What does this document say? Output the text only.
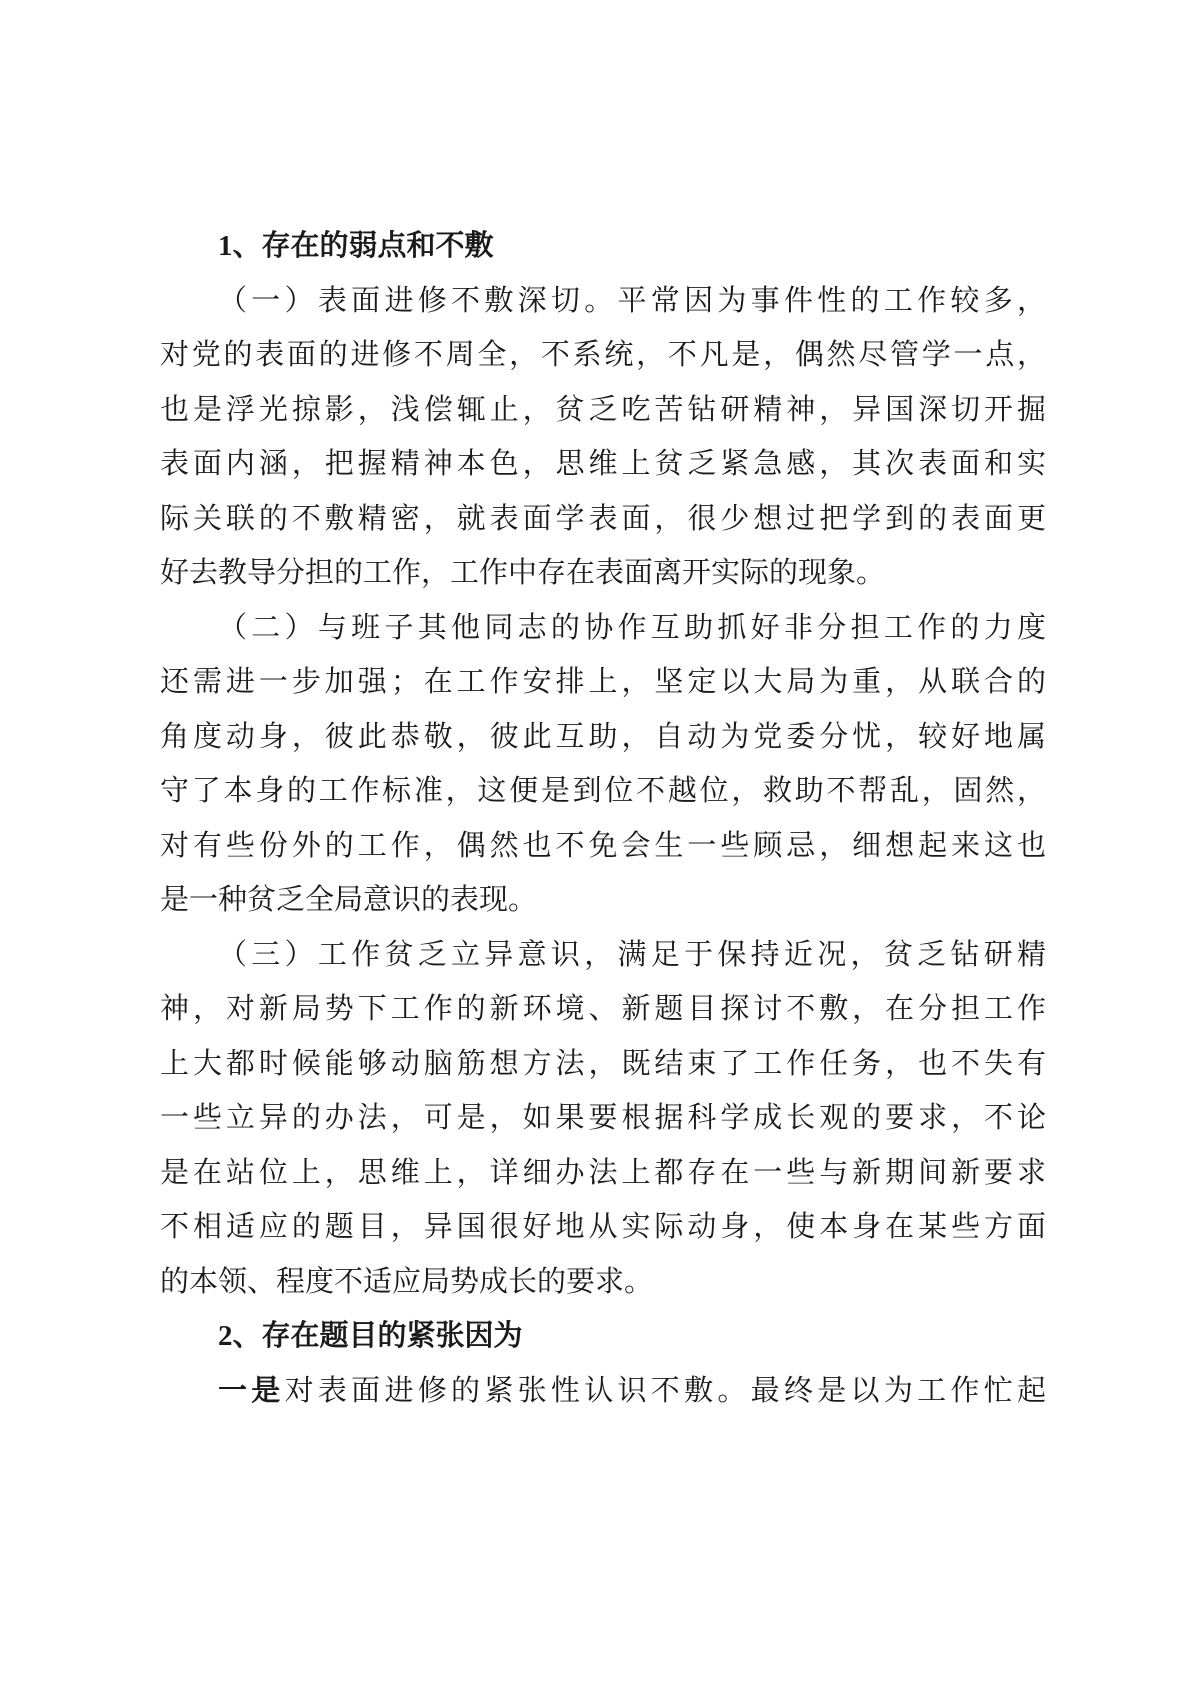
1、存在的弱点和不敷
（一）表面进修不敷深切。平常因为事件性的工作较多，
对党的表面的进修不周全，不系统，不凡是，偶然尽管学一点，
也是浮光掠影，浅偿辄止，贫乏吃苦钻研精神，异国深切开掘
表面内涵，把握精神本色，思维上贫乏紧急感，其次表面和实
际关联的不敷精密，就表面学表面，很少想过把学到的表面更
好去教导分担的工作，工作中存在表面离开实际的现象。
（二）与班子其他同志的协作互助抓好非分担工作的力度
还需进一步加强；在工作安排上，坚定以大局为重，从联合的
角度动身，彼此恭敬，彼此互助，自动为党委分忧，较好地属
守了本身的工作标准，这便是到位不越位，救助不帮乱，固然，
对有些份外的工作，偶然也不免会生一些顾忌，细想起来这也
是一种贫乏全局意识的表现。
（三）工作贫乏立异意识，满足于保持近况，贫乏钻研精
神，对新局势下工作的新环境、新题目探讨不敷，在分担工作
上大都时候能够动脑筋想方法，既结束了工作任务，也不失有
一些立异的办法，可是，如果要根据科学成长观的要求，不论
是在站位上，思维上，详细办法上都存在一些与新期间新要求
不相适应的题目，异国很好地从实际动身，使本身在某些方面
的本领、程度不适应局势成长的要求。
2、存在题目的紧张因为
一是对表面进修的紧张性认识不敷。最终是以为工作忙起
